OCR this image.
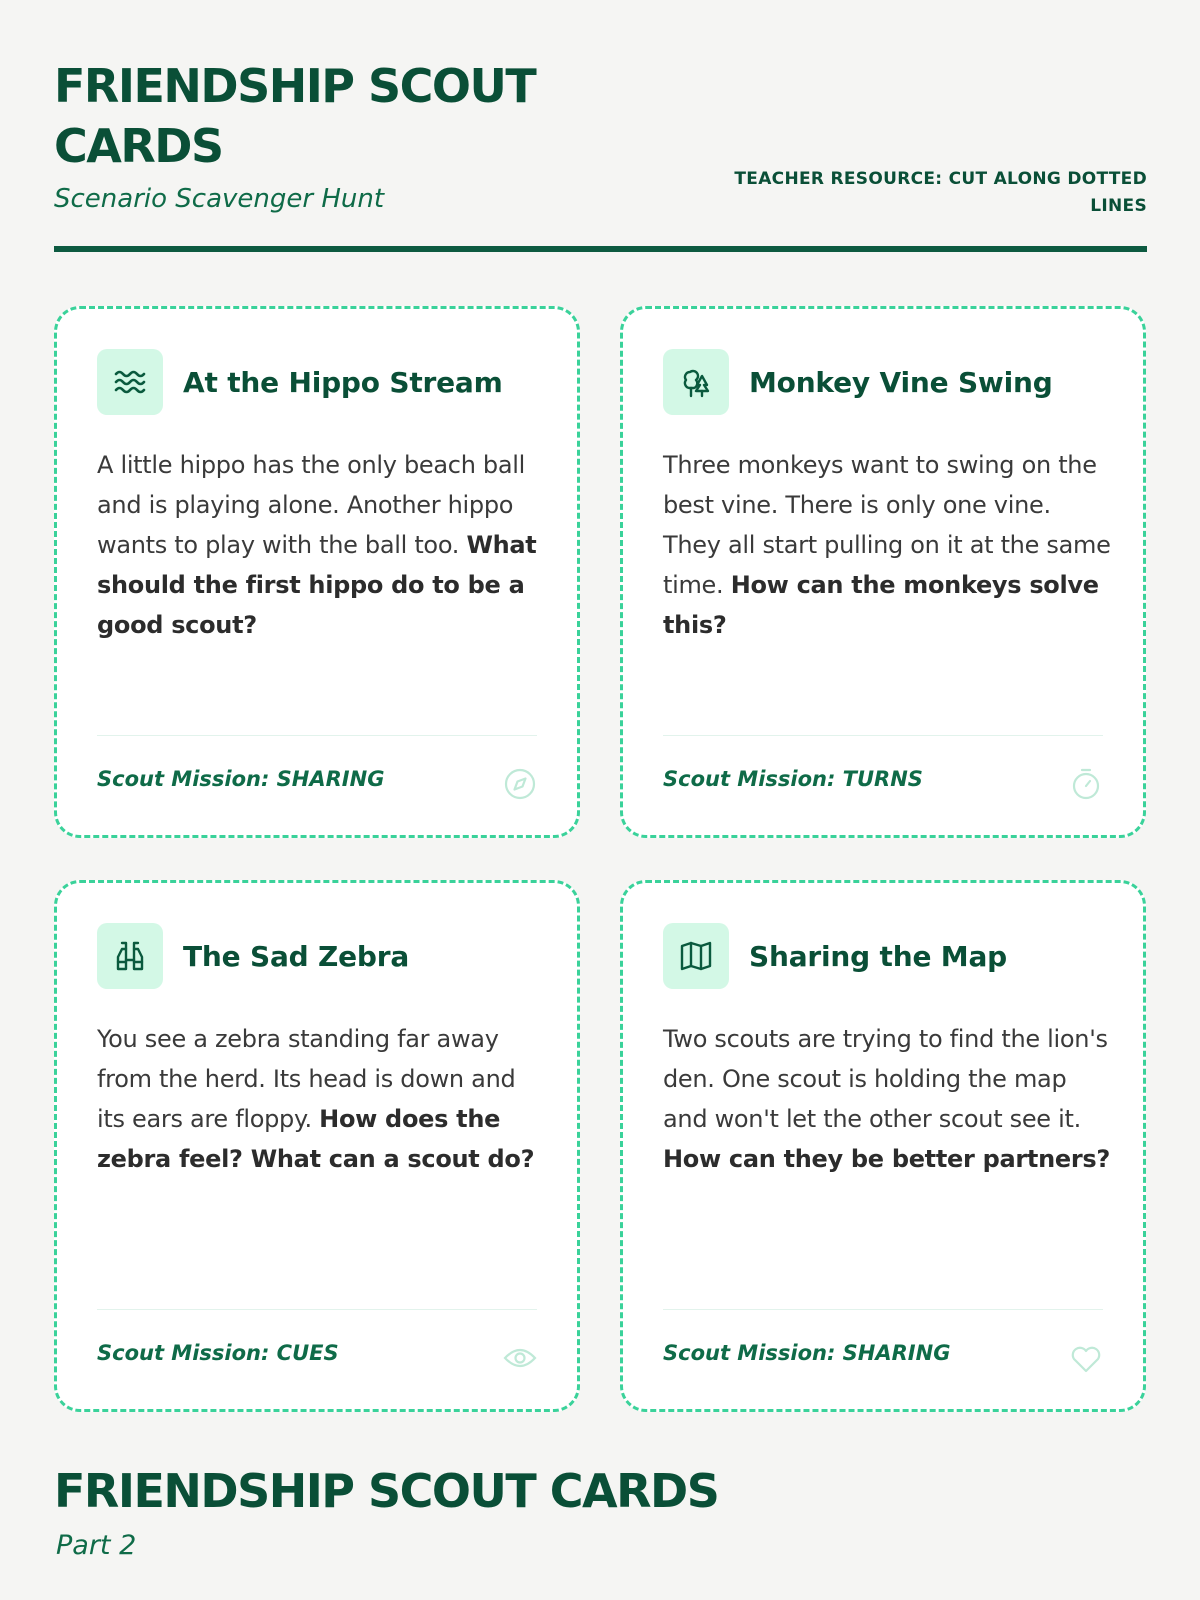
FRIENDSHIP SCOUT CARDS
Scenario Scavenger Hunt
TEACHER RESOURCE: CUT ALONG DOTTED LINES
At the Hippo Stream
A little hippo has the only beach ball and is playing alone. Another hippo wants to play with the ball too. What should the first hippo do to be a good scout?
Scout Mission: SHARING
Monkey Vine Swing
Three monkeys want to swing on the best vine. There is only one vine. They all start pulling on it at the same time. How can the monkeys solve this?
Scout Mission: TURNS
The Sad Zebra
You see a zebra standing far away from the herd. Its head is down and its ears are floppy. How does the zebra feel? What can a scout do?
Scout Mission: CUES
Sharing the Map
Two scouts are trying to find the lion's den. One scout is holding the map and won't let the other scout see it. How can they be better partners?
Scout Mission: SHARING
FRIENDSHIP SCOUT CARDS
Part 2
